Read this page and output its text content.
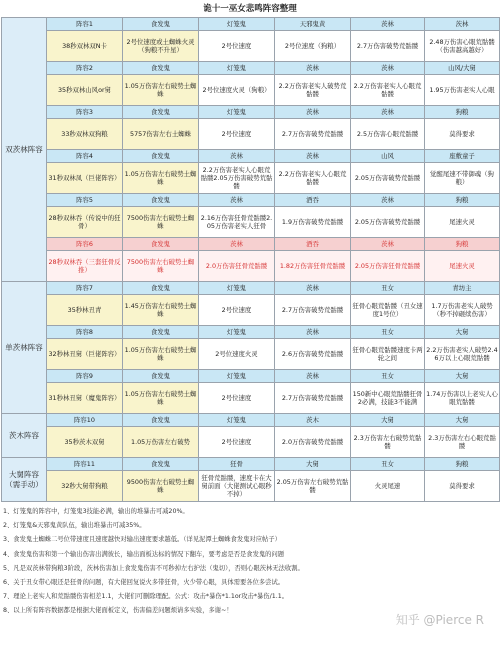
诡十一巫女悲鸣阵容整理
双茨林阵容	阵容1	食发鬼	灯笼鬼	天邪鬼黄	茨林	茨林
	38秒双林双N卡	2号位速度或土蜘蛛火灵（狗粮不升星）	2号位速度	2号位速度（狗粮）	2.7万伤害破势荒骷髅	2.48万伤害心眼荒骷髅（伤害越高越好）
	阵容2	食发鬼	灯笼鬼	茨林	茨林	山风/大舅
	35秒双林山风or舅	1.05万伤害左右破势土蜘蛛	2号位速度火灵（狗粮）	2.2万伤害老实人破势荒骷髅	2.2万伤害老实人心眼荒骷髅	1.95万伤害老实人心眼
	阵容3	食发鬼	灯笼鬼	茨林	茨林	狗粮
	33秒双林双狗粮	5757伤害左右土蜘蛛	2号位速度	2.7万伤害破势荒骷髅	2.5万伤害心眼荒骷髅	莫得要求
	阵容4	食发鬼	茨林	茨林	山风	座敷童子
	31秒双林凤（巨佬阵容）	1.05万伤害左右破势土蜘蛛	2.2万伤害老实人心眼荒骷髅2.05万伤害破势荒骷髅	2.2万伤害老实人心眼荒骷髅	2.05万伤害破势荒骷髅	觉醒尾速不带御魂（狗粮）
	阵容5	食发鬼	茨林	酒吞	茨林	狗粮
	28秒双林吞（传说中的狂骨）	7500伤害左右破势土蜘蛛	2.16万伤害狂骨荒骷髅2.05万伤害老实人狂骨	1.9万伤害破势荒骷髅	2.05万伤害破势荒骷髅	尾速火灵
	阵容6	食发鬼	茨林	酒吞	茨林	狗粮
	28秒双林吞（三套狂骨反推）	7500伤害左右破势土蜘蛛	2.0万伤害狂骨荒骷髅	1.82万伤害狂骨荒骷髅	2.05万伤害狂骨荒骷髅	尾速火灵
单茨林阵容	阵容7	食发鬼	灯笼鬼	茨林	丑女	青坊主
	35秒林丑青	1.45万伤害左右破势土蜘蛛	2号位速度	2.7万伤害破势荒骷髅	狂骨心眼荒骷髅（丑女速度1号位）	1.7万伤害老实人破势（秒不掉砸续伤害）
	阵容8	食发鬼	灯笼鬼	茨林	丑女	大舅
	32秒林丑舅（巨佬阵容）	1.05万伤害左右破势土蜘蛛	2号位速度火灵	2.6万伤害破势荒骷髅	狂骨心眼荒骷髅速度卡两轮之间	2.2万伤害老实人破势2.46万以上心眼荒骷髅
	阵容9	食发鬼	灯笼鬼	茨林	丑女	大舅
	31秒林丑舅（魔鬼阵容）	1.05万伤害左右破势土蜘蛛	2号位速度	2.7万伤害破势荒骷髅	150新中心眼荒骷髅狂骨2必满，技能3不能满	1.74万伤害以上老实人心眼荒骷髅
茨木阵容	阵容10	食发鬼	灯笼鬼	茨木	大舅	大舅
	35秒茨木双舅	1.05万伤害左右破势	2号位速度	2.0万伤害破势荒骷髅	2.3万伤害左右破势荒骷髅	2.3万伤害左右心眼荒骷髅
大舅阵容（需手动）	阵容11	食发鬼	狂骨	大舅	丑女	狗粮
	32秒大舅带狗粮	9500伤害左右破势土蜘蛛	狂骨荒骷髅，速度卡在大舅前面（大佬测试心眼秒不掉）	2.05万伤害左右破势荒骷髅	火灵尾速	莫得要求
1、灯笼鬼的阵容中，灯笼鬼3技能必满，输出的堆暴击可减20%。
2、灯笼鬼&天邪鬼黄队伍，输出堆暴击可减35%。
3、食发鬼土蜘蛛二号位带速度且速度越快对输出速度要求越低。（详见泥潭土蜘蛛食发鬼对应帖子）
4、食发鬼伤害和第一个输出伤害出满彼长，输出面板达标的情况下翻车，要考虑是否是食发鬼的问题
5、凡是双茨林带狗粮3阶段，茨林伤害加上食发鬼伤害不可秒掉左右护法（鬼切），否则心眼茨林无法收割。
6、关于丑女带心眼还是狂骨的问题，有大佬回复说火多带狂骨，火少带心眼，具体需要各位多尝试。
7、理论上老实人和荒骷髅伤害相差1.1，大佬们可删除理配。公式：攻击*暴伤*1.1or攻击*暴伤/1.1。
8、以上所有阵容数据都是根据大佬面板定义，伤害偏差问题烦请多实验，多谢~！
知乎 @Pierce R
